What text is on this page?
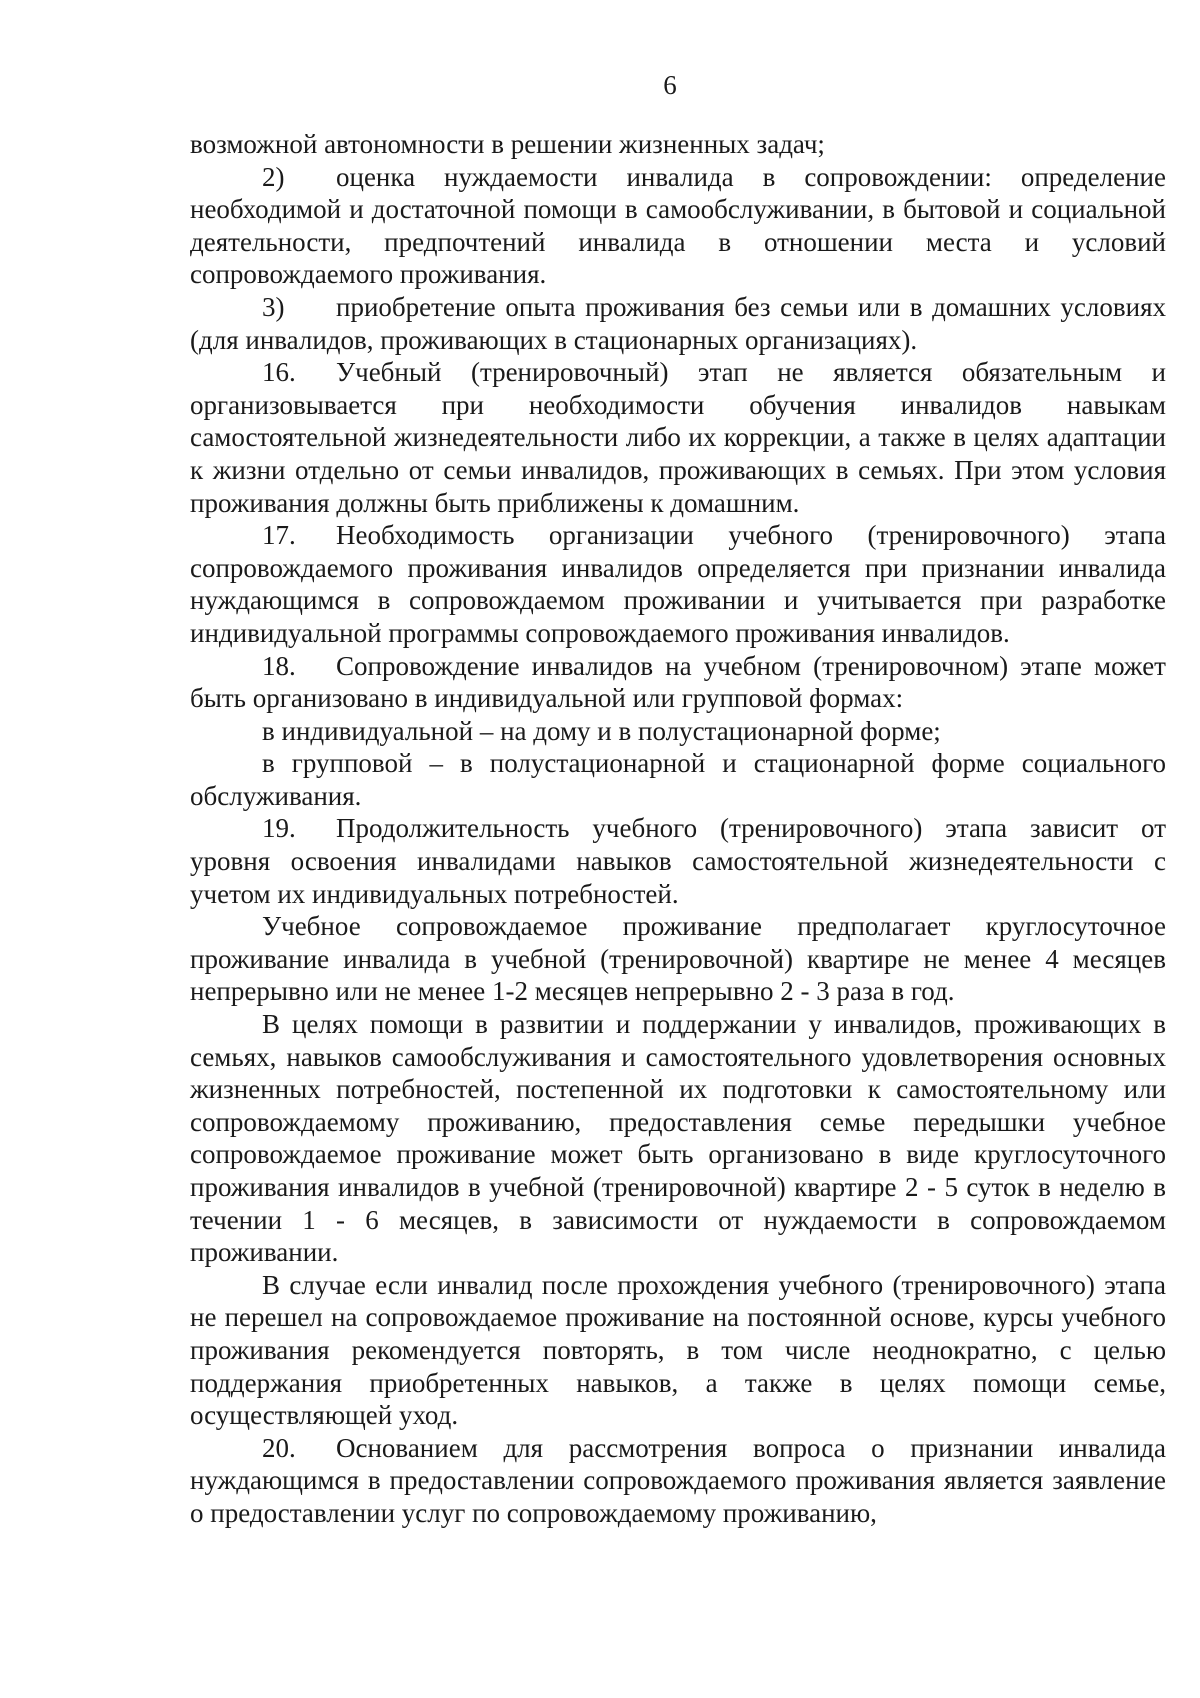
6

возможной автономности в решении жизненных задач;

2) оценка нуждаемости инвалида в сопровождении: определение необходимой и достаточной помощи в самообслуживании, в бытовой и социальной деятельности, предпочтений инвалида в отношении места и условий сопровождаемого проживания.

3) приобретение опыта проживания без семьи или в домашних условиях (для инвалидов, проживающих в стационарных организациях).

16. Учебный (тренировочный) этап не является обязательным и организовывается при необходимости обучения инвалидов навыкам самостоятельной жизнедеятельности либо их коррекции, а также в целях адаптации к жизни отдельно от семьи инвалидов, проживающих в семьях. При этом условия проживания должны быть приближены к домашним.

17. Необходимость организации учебного (тренировочного) этапа сопровождаемого проживания инвалидов определяется при признании инвалида нуждающимся в сопровождаемом проживании и учитывается при разработке индивидуальной программы сопровождаемого проживания инвалидов.

18. Сопровождение инвалидов на учебном (тренировочном) этапе может быть организовано в индивидуальной или групповой формах:

в индивидуальной – на дому и в полустационарной форме;

в групповой – в полустационарной и стационарной форме социального обслуживания.

19. Продолжительность учебного (тренировочного) этапа зависит от уровня освоения инвалидами навыков самостоятельной жизнедеятельности с учетом их индивидуальных потребностей.

Учебное сопровождаемое проживание предполагает круглосуточное проживание инвалида в учебной (тренировочной) квартире не менее 4 месяцев непрерывно или не менее 1-2 месяцев непрерывно 2 - 3 раза в год.

В целях помощи в развитии и поддержании у инвалидов, проживающих в семьях, навыков самообслуживания и самостоятельного удовлетворения основных жизненных потребностей, постепенной их подготовки к самостоятельному или сопровождаемому проживанию, предоставления семье передышки учебное сопровождаемое проживание может быть организовано в виде круглосуточного проживания инвалидов в учебной (тренировочной) квартире 2 - 5 суток в неделю в течении 1 - 6 месяцев, в зависимости от нуждаемости в сопровождаемом проживании.

В случае если инвалид после прохождения учебного (тренировочного) этапа не перешел на сопровождаемое проживание на постоянной основе, курсы учебного проживания рекомендуется повторять, в том числе неоднократно, с целью поддержания приобретенных навыков, а также в целях помощи семье, осуществляющей уход.

20. Основанием для рассмотрения вопроса о признании инвалида нуждающимся в предоставлении сопровождаемого проживания является заявление о предоставлении услуг по сопровождаемому проживанию,
